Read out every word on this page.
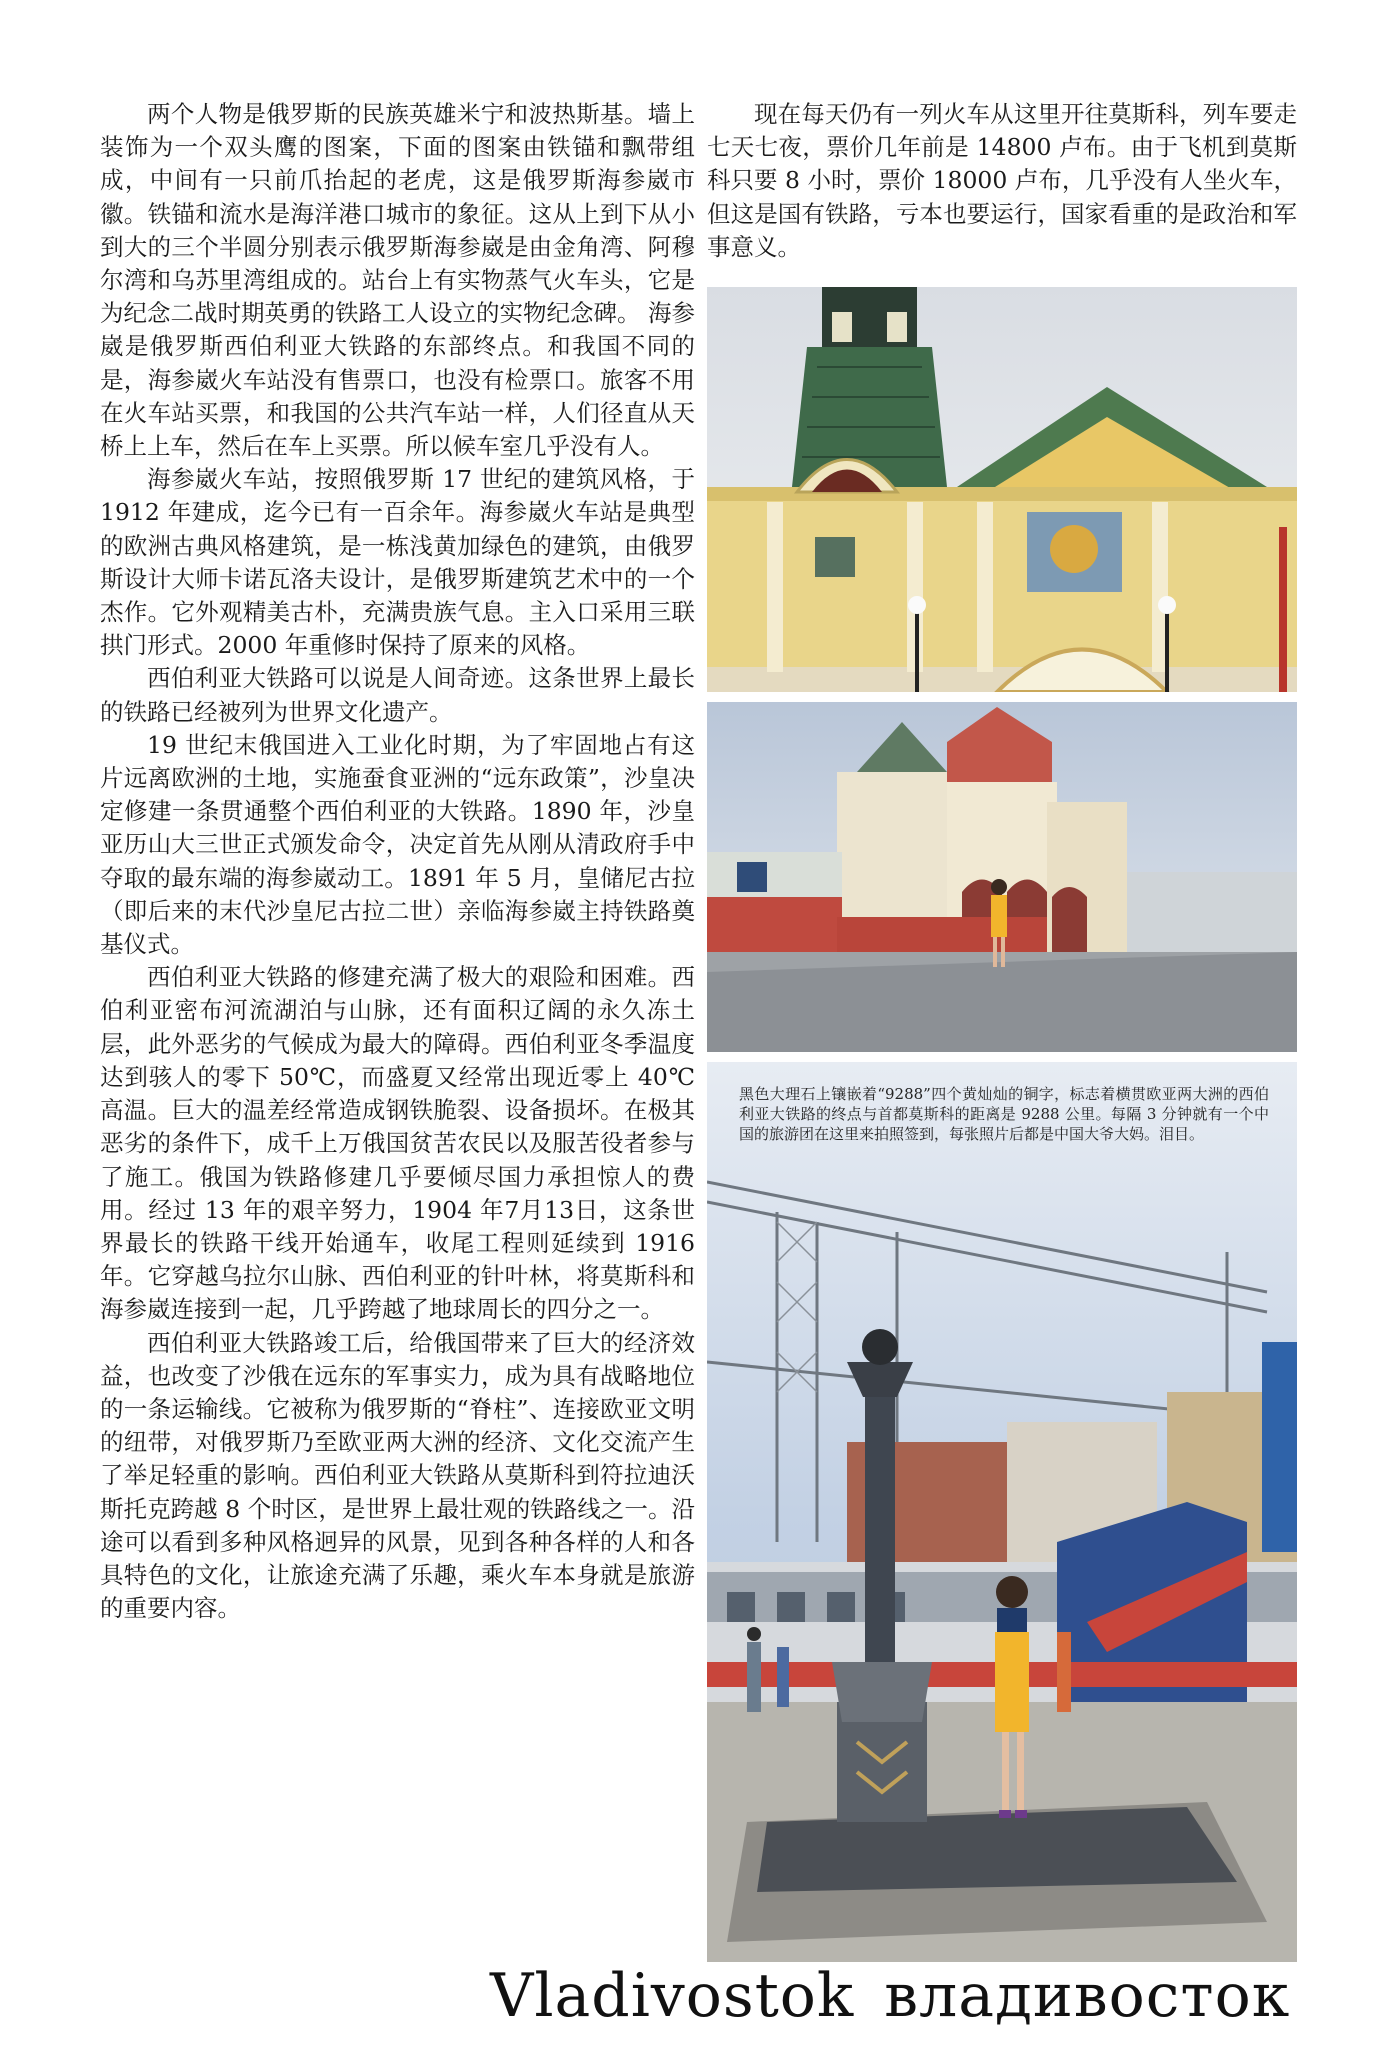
两个人物是俄罗斯的民族英雄米宁和波热斯基。墙上装饰为一个双头鹰的图案，下面的图案由铁锚和飘带组成，中间有一只前爪抬起的老虎，这是俄罗斯海参崴市徽。铁锚和流水是海洋港口城市的象征。这从上到下从小到大的三个半圆分别表示俄罗斯海参崴是由金角湾、阿穆尔湾和乌苏里湾组成的。站台上有实物蒸气火车头，它是为纪念二战时期英勇的铁路工人设立的实物纪念碑。 海参崴是俄罗斯西伯利亚大铁路的东部终点。和我国不同的是，海参崴火车站没有售票口，也没有检票口。旅客不用在火车站买票，和我国的公共汽车站一样，人们径直从天桥上上车，然后在车上买票。所以候车室几乎没有人。

海参崴火车站，按照俄罗斯 17 世纪的建筑风格，于 1912 年建成，迄今已有一百余年。海参崴火车站是典型的欧洲古典风格建筑，是一栋浅黄加绿色的建筑，由俄罗斯设计大师卡诺瓦洛夫设计，是俄罗斯建筑艺术中的一个杰作。它外观精美古朴，充满贵族气息。主入口采用三联拱门形式。2000 年重修时保持了原来的风格。

西伯利亚大铁路可以说是人间奇迹。这条世界上最长的铁路已经被列为世界文化遗产。

19 世纪末俄国进入工业化时期，为了牢固地占有这片远离欧洲的土地，实施蚕食亚洲的“远东政策”，沙皇决定修建一条贯通整个西伯利亚的大铁路。1890 年，沙皇亚历山大三世正式颁发命令，决定首先从刚从清政府手中夺取的最东端的海参崴动工。1891 年 5 月，皇储尼古拉（即后来的末代沙皇尼古拉二世）亲临海参崴主持铁路奠基仪式。

西伯利亚大铁路的修建充满了极大的艰险和困难。西伯利亚密布河流湖泊与山脉，还有面积辽阔的永久冻土层，此外恶劣的气候成为最大的障碍。西伯利亚冬季温度达到骇人的零下 50℃，而盛夏又经常出现近零上 40℃高温。巨大的温差经常造成钢铁脆裂、设备损坏。在极其恶劣的条件下，成千上万俄国贫苦农民以及服苦役者参与了施工。俄国为铁路修建几乎要倾尽国力承担惊人的费用。经过 13 年的艰辛努力，1904 年7月13日，这条世界最长的铁路干线开始通车，收尾工程则延续到 1916年。它穿越乌拉尔山脉、西伯利亚的针叶林，将莫斯科和海参崴连接到一起，几乎跨越了地球周长的四分之一。

西伯利亚大铁路竣工后，给俄国带来了巨大的经济效益，也改变了沙俄在远东的军事实力，成为具有战略地位的一条运输线。它被称为俄罗斯的“脊柱”、连接欧亚文明的纽带，对俄罗斯乃至欧亚两大洲的经济、文化交流产生了举足轻重的影响。西伯利亚大铁路从莫斯科到符拉迪沃斯托克跨越 8 个时区，是世界上最壮观的铁路线之一。沿途可以看到多种风格迥异的风景，见到各种各样的人和各具特色的文化，让旅途充满了乐趣，乘火车本身就是旅游的重要内容。

现在每天仍有一列火车从这里开往莫斯科，列车要走七天七夜，票价几年前是 14800 卢布。由于飞机到莫斯科只要 8 小时，票价 18000 卢布，几乎没有人坐火车，但这是国有铁路，亏本也要运行，国家看重的是政治和军事意义。

黑色大理石上镶嵌着“9288”四个黄灿灿的铜字，标志着横贯欧亚两大洲的西伯利亚大铁路的终点与首都莫斯科的距离是 9288 公里。每隔 3 分钟就有一个中国的旅游团在这里来拍照签到，每张照片后都是中国大爷大妈。泪目。
Vladivostok владивосток
